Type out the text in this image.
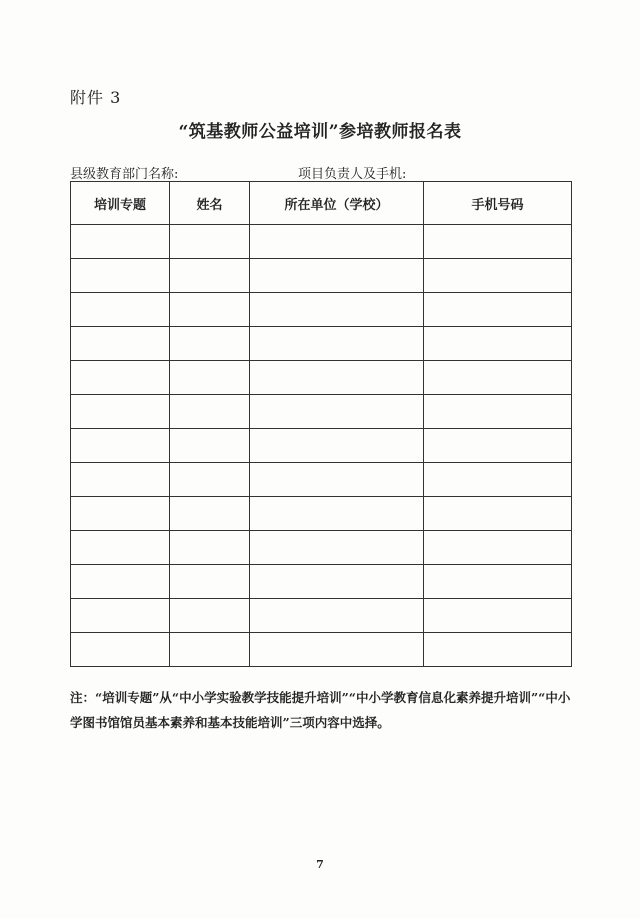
附件 3
“筑基教师公益培训”参培教师报名表
县级教育部门名称:	项目负责人及手机:
培训专题	姓名	所在单位（学校）	手机号码

注：“培训专题”从“中小学实验教学技能提升培训”“中小学教育信息化素养提升培训”“中小学图书馆馆员基本素养和基本技能培训”三项内容中选择。
7
